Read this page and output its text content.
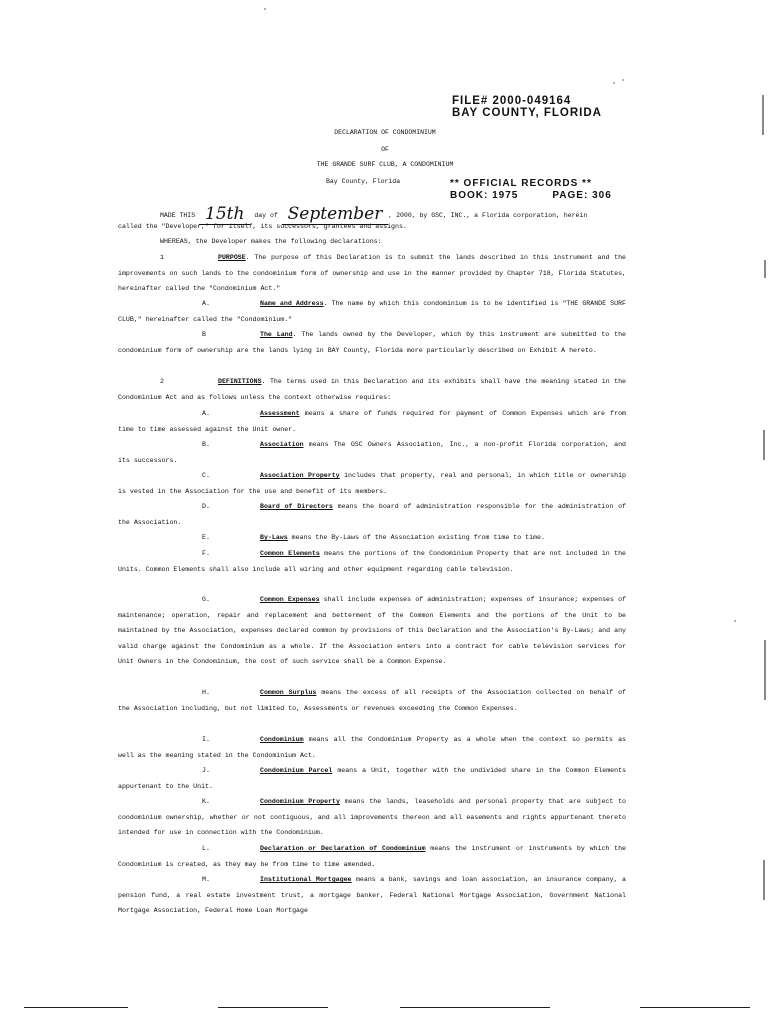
FILE# 2000-049164
BAY COUNTY, FLORIDA
DECLARATION OF CONDOMINIUM
OF
THE GRANDE SURF CLUB, A CONDOMINIUM
Bay County, Florida	** OFFICIAL RECORDS **
BOOK: 1975	PAGE: 306
MADE THIS 15th day of September , 2000, by GSC, INC., a Florida corporation, herein
called the "Developer," for itself, its successors, grantees and assigns.
WHEREAS, the Developer makes the following declarations:
1	PURPOSE. The purpose of this Declaration is to submit the lands described in this instrument and the improvements on such lands to the condominium form of ownership and use in the manner provided by Chapter 718, Florida Statutes, hereinafter called the "Condominium Act."
A.	Name and Address. The name by which this condominium is to be identified is "THE GRANDE SURF CLUB," hereinafter called the "Condominium."
B	The Land. The lands owned by the Developer, which by this instrument are submitted to the condominium form of ownership are the lands lying in BAY County, Florida more particularly described on Exhibit A hereto.
2	DEFINITIONS. The terms used in this Declaration and its exhibits shall have the meaning stated in the Condominium Act and as follows unless the context otherwise requires:
A.	Assessment means a share of funds required for payment of Common Expenses which are from time to time assessed against the Unit owner.
B.	Association means The GSC Owners Association, Inc., a non-profit Florida corporation, and its successors.
C.	Association Property includes that property, real and personal, in which title or ownership is vested in the Association for the use and benefit of its members.
D.	Board of Directors means the board of administration responsible for the administration of the Association.
E.	By-Laws means the By-Laws of the Association existing from time to time.
F.	Common Elements means the portions of the Condominium Property that are not included in the Units. Common Elements shall also include all wiring and other equipment regarding cable television.
G.	Common Expenses shall include expenses of administration; expenses of insurance; expenses of maintenance; operation, repair and replacement and betterment of the Common Elements and the portions of the Unit to be maintained by the Association, expenses declared common by provisions of this Declaration and the Association's By-Laws; and any valid charge against the Condominium as a whole. If the Association enters into a contract for cable television services for Unit Owners in the Condominium, the cost of such service shall be a Common Expense.
H.	Common Surplus means the excess of all receipts of the Association collected on behalf of the Association including, but not limited to, Assessments or revenues exceeding the Common Expenses.
I.	Condominium means all the Condominium Property as a whole when the context so permits as well as the meaning stated in the Condominium Act.
J.	Condominium Parcel means a Unit, together with the undivided share in the Common Elements appurtenant to the Unit.
K.	Condominium Property means the lands, leaseholds and personal property that are subject to condominium ownership, whether or not contiguous, and all improvements thereon and all easements and rights appurtenant thereto intended for use in connection with the Condominium.
L.	Declaration or Declaration of Condominium means the instrument or instruments by which the Condominium is created, as they may be from time to time amended.
M.	Institutional Mortgagee means a bank, savings and loan association, an insurance company, a pension fund, a real estate investment trust, a mortgage banker, Federal National Mortgage Association, Government National Mortgage Association, Federal Home Loan Mortgage
